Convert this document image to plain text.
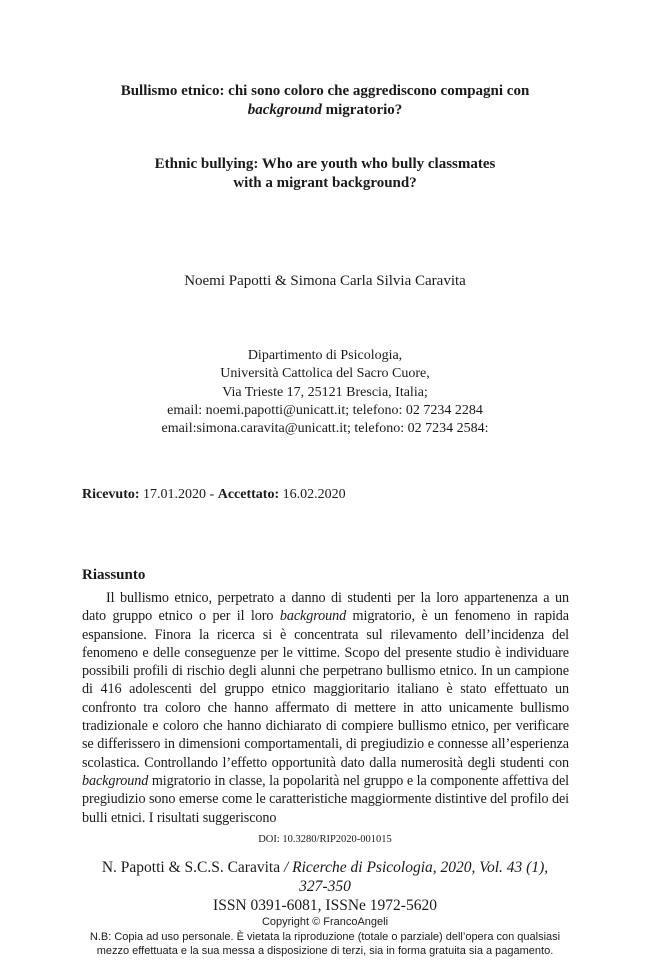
Bullismo etnico: chi sono coloro che aggrediscono compagni con
background migratorio?
Ethnic bullying: Who are youth who bully classmates
with a migrant background?
Noemi Papotti & Simona Carla Silvia Caravita
Dipartimento di Psicologia,
Università Cattolica del Sacro Cuore,
Via Trieste 17, 25121 Brescia, Italia;
email: noemi.papotti@unicatt.it; telefono: 02 7234 2284
email:simona.caravita@unicatt.it; telefono: 02 7234 2584:
Ricevuto: 17.01.2020 - Accettato: 16.02.2020
Riassunto

Il bullismo etnico, perpetrato a danno di studenti per la loro appartenenza a un dato gruppo etnico o per il loro background migratorio, è un fenomeno in rapida espansione. Finora la ricerca si è concentrata sul rilevamento dell’incidenza del fenomeno e delle conseguenze per le vittime. Scopo del presente studio è individuare possibili profili di rischio degli alunni che perpetrano bullismo etnico. In un campione di 416 adolescenti del gruppo etnico maggioritario italiano è stato effettuato un confronto tra coloro che hanno affermato di mettere in atto unicamente bullismo tradizionale e coloro che hanno dichiarato di compiere bullismo etnico, per verificare se differissero in dimensioni comportamentali, di pregiudizio e connesse all’esperienza scolastica. Controllando l’effetto opportunità dato dalla numerosità degli studenti con background migratorio in classe, la popolarità nel gruppo e la componente affettiva del pregiudizio sono emerse come le caratteristiche maggiormente distintive del profilo dei bulli etnici. I risultati suggeriscono

DOI: 10.3280/RIP2020-001015
N. Papotti & S.C.S. Caravita / Ricerche di Psicologia, 2020, Vol. 43 (1),
327-350
ISSN 0391-6081, ISSNe 1972-5620
Copyright © FrancoAngeli
N.B: Copia ad uso personale. È vietata la riproduzione (totale o parziale) dell’opera con qualsiasi
mezzo effettuata e la sua messa a disposizione di terzi, sia in forma gratuita sia a pagamento.
